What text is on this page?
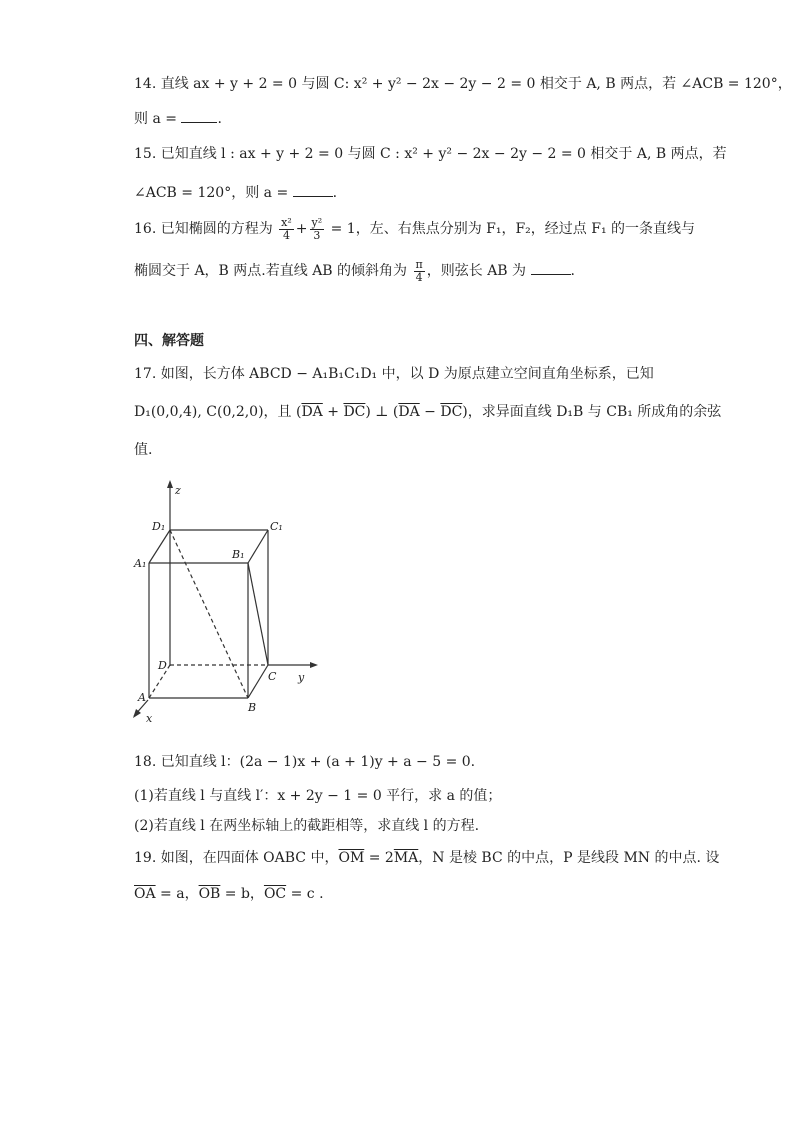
14. 直线 ax + y + 2 = 0 与圆 C: x² + y² − 2x − 2y − 2 = 0 相交于 A, B 两点，若 ∠ACB = 120°，
则 a =	.
15. 已知直线 l : ax + y + 2 = 0 与圆 C : x² + y² − 2x − 2y − 2 = 0 相交于 A, B 两点，若
∠ACB = 120°，则 a =	.
16. 已知椭圆的方程为 $\frac{\text{x²}}{4} + \frac{\text{y²}}{3} = 1$，左、右焦点分别为 F₁，F₂，经过点 F₁ 的一条直线与
椭圆交于 A，B 两点.若直线 AB 的倾斜角为 $\frac{\pi}{4}$ ，则弦长 AB 为	.
四、解答题
17. 如图，长方体 ABCD − A₁B₁C₁D₁ 中，以 D 为原点建立空间直角坐标系，已知
D₁(0,0,4), C(0,2,0)，且 $(\overline{DA} + \overline{DC})$ ⊥ $(\overline{DA} - \overline{DC})$，求异面直线 D₁B 与 CB₁ 所成角的余弦
值.
z
y
x
D₁	C₁
A₁
B₁
D
C
A
B
18. 已知直线 l：(2a − 1)x + (a + 1)y + a − 5 = 0.
(1)若直线 l 与直线 l′：x + 2y − 1 = 0 平行，求 a 的值；
(2)若直线 l 在两坐标轴上的截距相等，求直线 l 的方程.
19. 如图，在四面体 OABC 中，$\overline{OM} = 2\overline{MA}$，N 是棱 BC 的中点，P 是线段 MN 的中点. 设
$\overline{OA} = a$，$\overline{OB} = b$，$\overline{OC} = c$ .
